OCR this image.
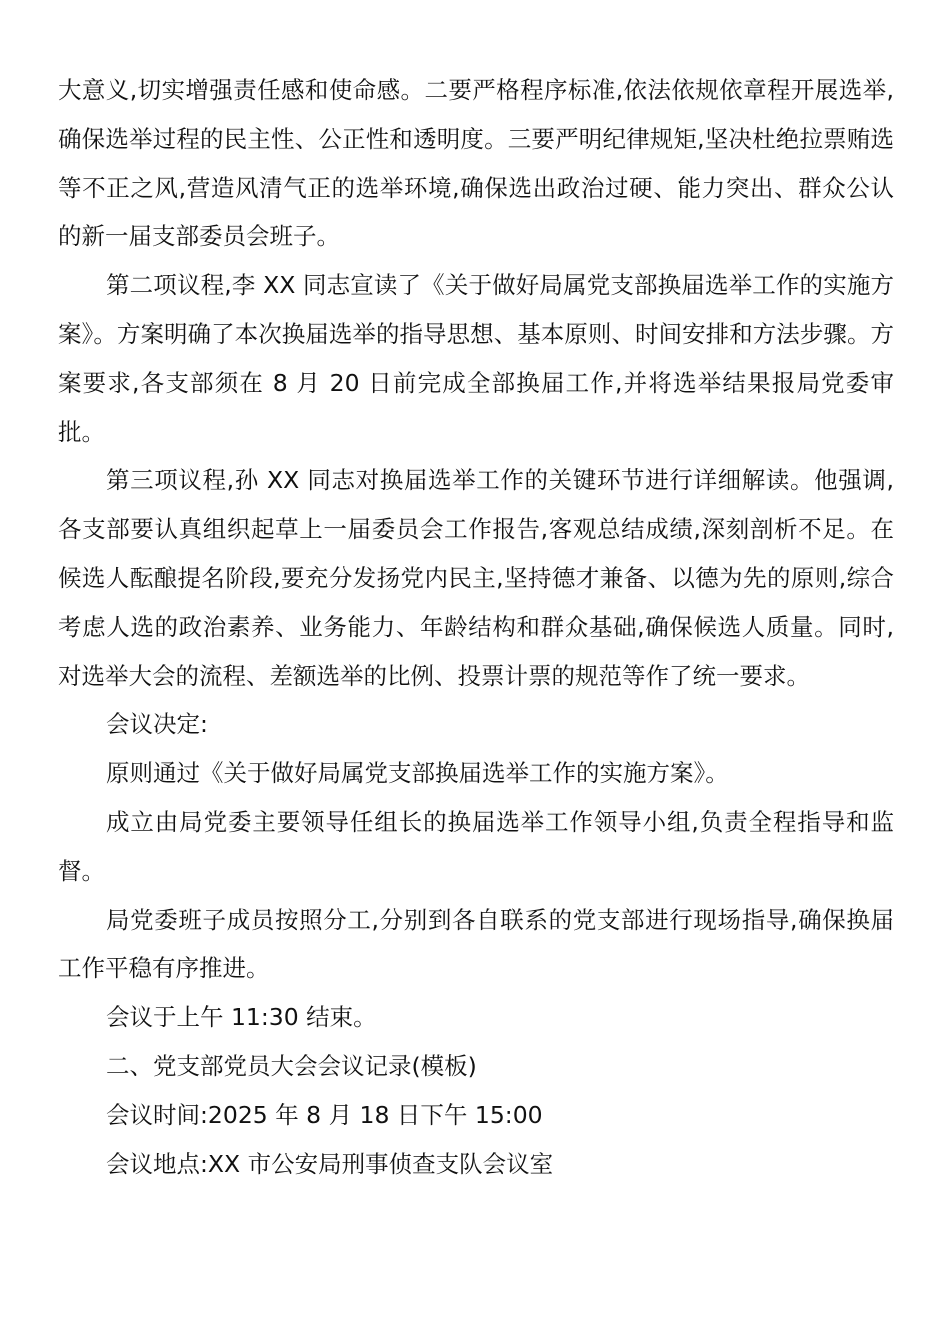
大意义,切实增强责任感和使命感。二要严格程序标准,依法依规依章程开展选举,确保选举过程的民主性、公正性和透明度。三要严明纪律规矩,坚决杜绝拉票贿选等不正之风,营造风清气正的选举环境,确保选出政治过硬、能力突出、群众公认的新一届支部委员会班子。

第二项议程,李 XX 同志宣读了《关于做好局属党支部换届选举工作的实施方案》。方案明确了本次换届选举的指导思想、基本原则、时间安排和方法步骤。方案要求,各支部须在 8 月 20 日前完成全部换届工作,并将选举结果报局党委审批。

第三项议程,孙 XX 同志对换届选举工作的关键环节进行详细解读。他强调,各支部要认真组织起草上一届委员会工作报告,客观总结成绩,深刻剖析不足。在候选人酝酿提名阶段,要充分发扬党内民主,坚持德才兼备、以德为先的原则,综合考虑人选的政治素养、业务能力、年龄结构和群众基础,确保候选人质量。同时,对选举大会的流程、差额选举的比例、投票计票的规范等作了统一要求。

会议决定:

原则通过《关于做好局属党支部换届选举工作的实施方案》。

成立由局党委主要领导任组长的换届选举工作领导小组,负责全程指导和监督。

局党委班子成员按照分工,分别到各自联系的党支部进行现场指导,确保换届工作平稳有序推进。

会议于上午 11:30 结束。

二、党支部党员大会会议记录(模板)

会议时间:2025 年 8 月 18 日下午 15:00

会议地点:XX 市公安局刑事侦查支队会议室
